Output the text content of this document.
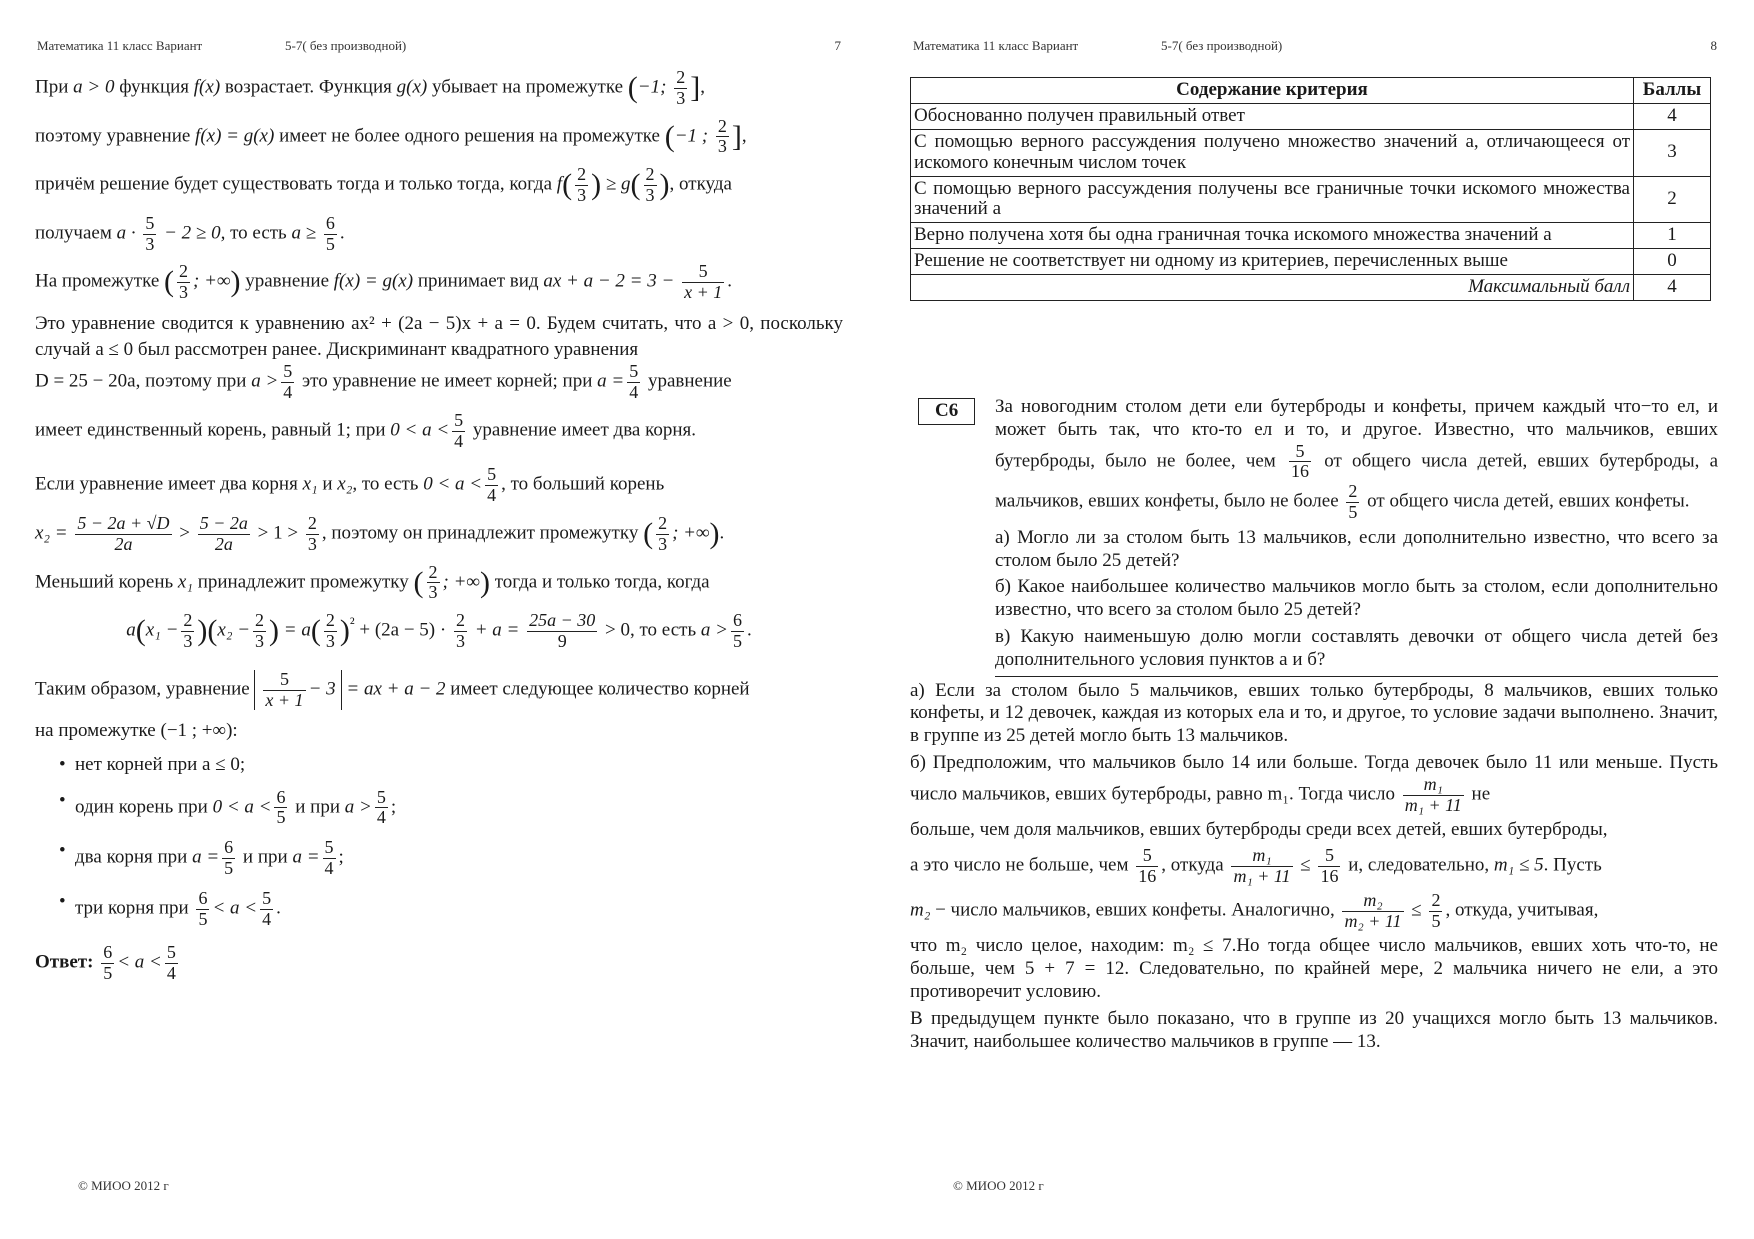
Математика 11 класс Вариант	5-7( без производной)	7
При a > 0 функция f(x) возрастает. Функция g(x) убывает на промежутке (−1; $\frac{2}{3}$ ],
поэтому уравнение f(x) = g(x) имеет не более одного решения на промежутке (−1 ; $\frac{2}{3}$ ],
причём решение будет существовать тогда и только тогда, когда $f( \frac{2}{3}$ ) ≥ $g( \frac{2}{3}$ ), откуда
получаем $a \cdot \frac{5}{3} - 2 \ge 0$, то есть $a \ge \frac{6}{5}$ .
На промежутке ( $\frac{2}{3}$ ; +∞) уравнение f(x) = g(x) принимает вид ax + $a - 2 = 3 - \frac{5}{x + 1}$ .
Это уравнение сводится к уравнению ax² + (2a − 5)x + a = 0. Будем считать, что a > 0, поскольку случай a ≤ 0 был рассмотрен ранее. Дискриминант квадратного уравнения
D = 25 − 20a, поэтому при $a > \frac{5}{4}$ это уравнение не имеет корней; при $a = \frac{5}{4}$ уравнение
имеет единственный корень, равный 1; при $0 < a < \frac{5}{4}$ уравнение имеет два корня.
Если уравнение имеет два корня x₁ и x₂, то есть $0 < a < \frac{5}{4}$ , то больший корень
$x_2 = \frac{5 - 2a + √D}{2a} > \frac{5 - 2a}{2a} > 1 > \frac{2}{3}$ , поэтому он принадлежит промежутку ( $\frac{2}{3}$ ; +∞).
Меньший корень x₁ принадлежит промежутку ( $\frac{2}{3}$ ; +∞) тогда и только тогда, когда
$a(x_1 - \frac{2}{3} )(x_2 - \frac{2}{3}$ ) = $a( \frac{2}{3} )^{^2} + (2a - 5) \cdot \frac{2}{3} + a = \frac{25a - 30}{9} > 0$, то есть $a > \frac{6}{5}$ .
Таким образом, уравнение $\frac{5}{x + 1} - 3$ = ax + a − 2 имеет следующее количество корней
на промежутке (−1 ; +∞):
• нет корней при a ≤ 0;
• один корень при $0 < a < \frac{6}{5}$ и при $a > \frac{5}{4}$ ;
• два корня при $a = \frac{6}{5}$ и при $a = \frac{5}{4}$ ;
• три корня при $\frac{6}{5} < a < \frac{5}{4}$ .
Ответ: $\frac{6}{5} < a < \frac{5}{4}$
© МИОО 2012 г
Математика 11 класс Вариант	5-7( без производной)	8
Содержание критерия	Баллы
Обоснованно получен правильный ответ	4
С помощью верного рассуждения получено множество значений a, отличающееся от искомого конечным числом точек	3
С помощью верного рассуждения получены все граничные точки искомого множества значений a	2
Верно получена хотя бы одна граничная точка искомого множества значений a	1
Решение не соответствует ни одному из критериев, перечисленных выше	0
Максимальный балл	4
С6	За новогодним столом дети ели бутерброды и конфеты, причем каждый что−то ел, и может быть так, что кто-то ел и то, и другое. Известно, что мальчиков, евших бутерброды, было не более, чем $\frac{5}{16}$ от общего числа детей, евших бутерброды, а мальчиков, евших конфеты, было не более $\frac{2}{5}$ от общего числа детей, евших конфеты.

а) Могло ли за столом быть 13 мальчиков, если дополнительно известно, что всего за столом было 25 детей?

б) Какое наибольшее количество мальчиков могло быть за столом, если дополнительно известно, что всего за столом было 25 детей?

в) Какую наименьшую долю могли составлять девочки от общего числа детей без дополнительного условия пунктов а и б?

а) Если за столом было 5 мальчиков, евших только бутерброды, 8 мальчиков, евших только конфеты, и 12 девочек, каждая из которых ела и то, и другое, то условие задачи выполнено. Значит, в группе из 25 детей могло быть 13 мальчиков.

б) Предположим, что мальчиков было 14 или больше. Тогда девочек было 11 или меньше. Пусть число мальчиков, евших бутерброды, равно m₁. Тогда число $\frac{\text{m₁}}{\text{m₁ + 11}}$ не

больше, чем доля мальчиков, евших бутерброды среди всех детей, евших бутерброды,

а это число не больше, чем $\frac{5}{16}$ , откуда $\frac{\text{m₁}}{\text{m₁ + 11}} \le \frac{5}{16} и$, следовательно, m₁ ≤ 5. Пусть

m₂ − число мальчиков, евших конфеты. Аналогично, $\frac{\text{m₂}}{\text{m₂ + 11}} \le \frac{2}{5}$ , откуда, учитывая,

что m₂ число целое, находим: m₂ ≤ 7.Но тогда общее число мальчиков, евших хоть что-то, не больше, чем 5 + 7 = 12. Следовательно, по крайней мере, 2 мальчика ничего не ели, а это противоречит условию.

В предыдущем пункте было показано, что в группе из 20 учащихся могло быть 13 мальчиков. Значит, наибольшее количество мальчиков в группе — 13.

© МИОО 2012 г
